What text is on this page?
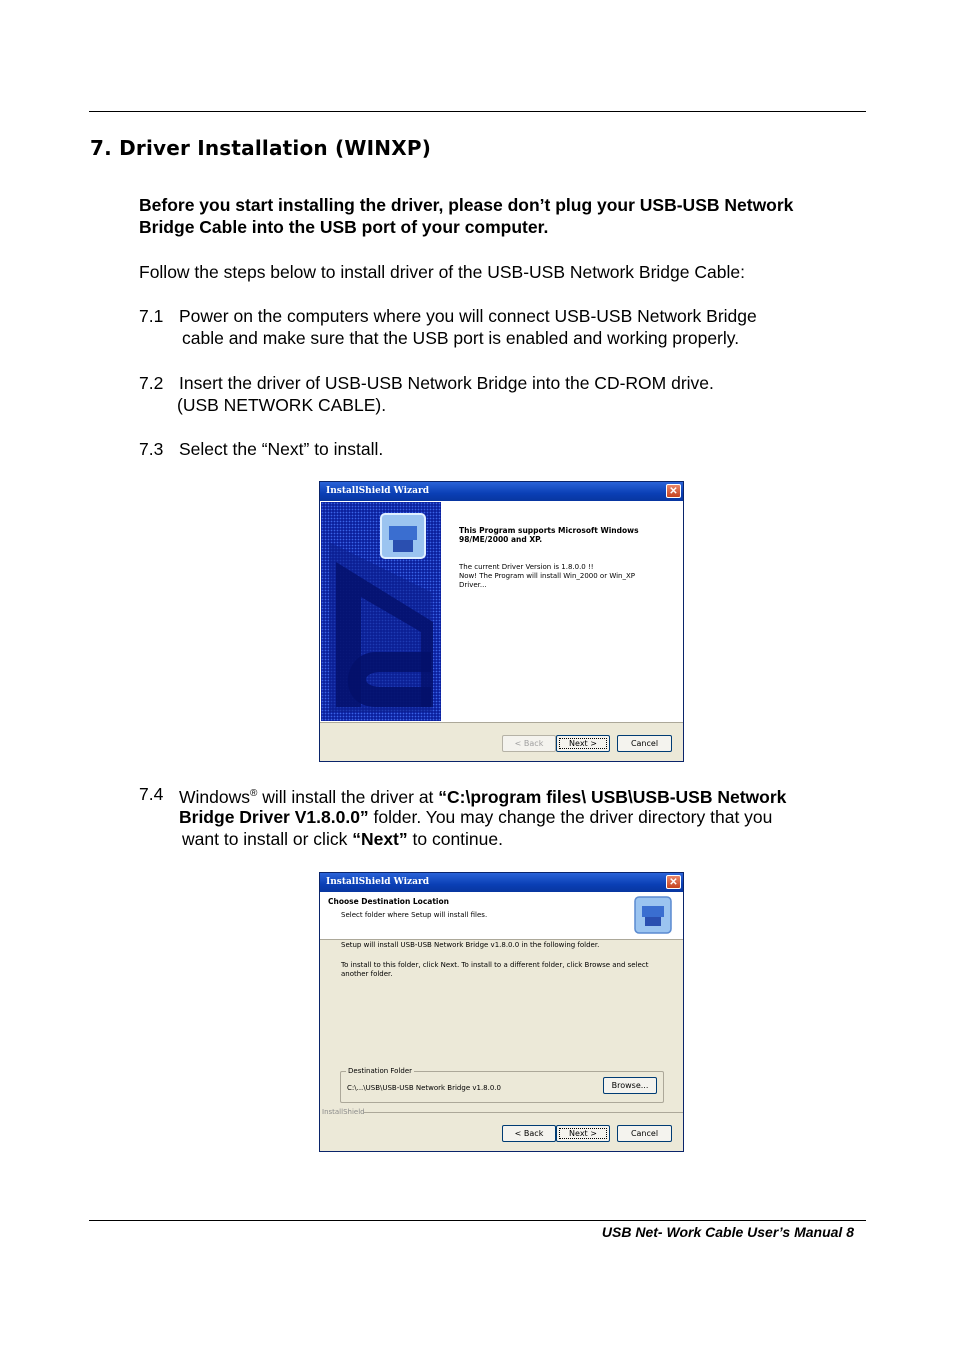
7. Driver Installation (WINXP)
Before you start installing the driver, please don’t plug your USB-USB Network
Bridge Cable into the USB port of your computer.
Follow the steps below to install driver of the USB-USB Network Bridge Cable:
7.1 Power on the computers where you will connect USB-USB Network Bridge
cable and make sure that the USB port is enabled and working properly.
7.2 Insert the driver of USB-USB Network Bridge into the CD-ROM drive.
(USB NETWORK CABLE).
7.3 Select the “Next” to install.
InstallShield Wizard	✕
This Program supports Microsoft Windows
98/ME/2000 and XP.
The current Driver Version is 1.8.0.0 !!
Now! The Program will install Win_2000 or Win_XP
Driver...
< Back	Next >	Cancel
7.4 Windows® will install the driver at “C:\program files\ USB\USB-USB Network
Bridge Driver V1.8.0.0” folder. You may change the driver directory that you
want to install or click “Next” to continue.
InstallShield Wizard	✕
Choose Destination Location
Select folder where Setup will install files.
Setup will install USB-USB Network Bridge v1.8.0.0 in the following folder.
To install to this folder, click Next. To install to a different folder, click Browse and select
another folder.
Destination Folder
C:\...\USB\USB-USB Network Bridge v1.8.0.0	Browse...
InstallShield
< Back	Next >	Cancel
USB Net- Work Cable User’s Manual 8
